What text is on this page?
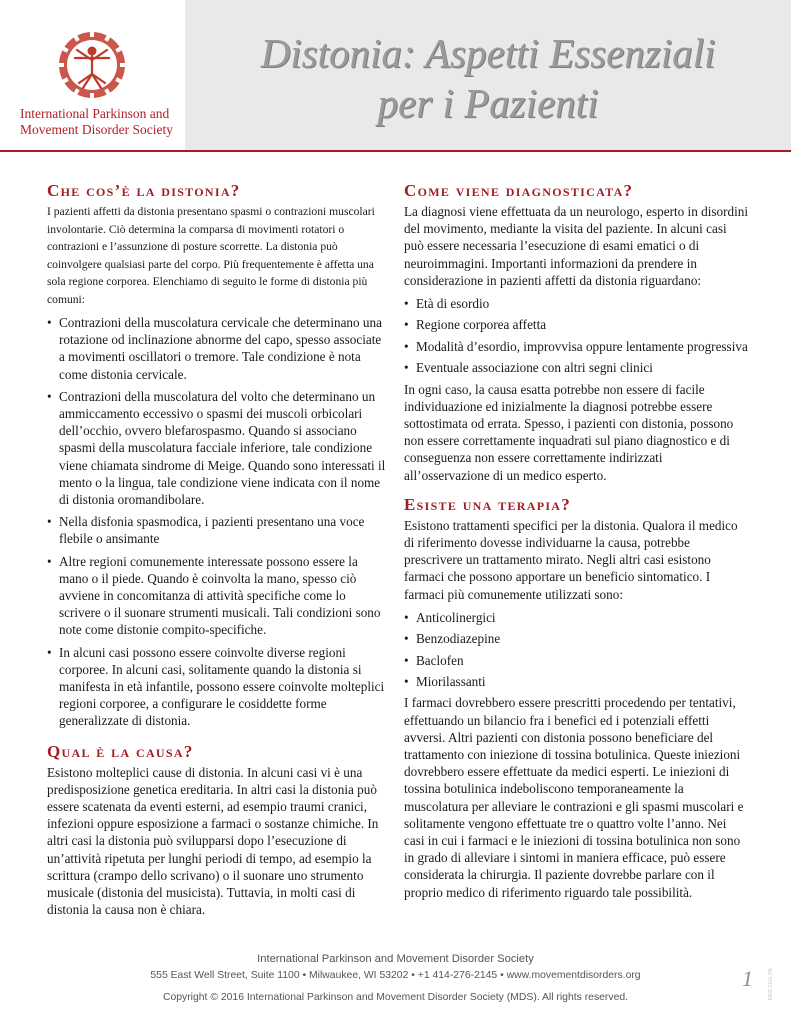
International Parkinson and
Movement Disorder Society
Distonia: Aspetti Essenziali
per i Pazienti
Che cos’è la distonia?

I pazienti affetti da distonia presentano spasmi o contrazioni muscolari involontarie. Ciò determina la comparsa di movimenti rotatori o contrazioni e l’assunzione di posture scorrette. La distonia può coinvolgere qualsiasi parte del corpo. Più frequentemente è affetta una sola regione corporea. Elenchiamo di seguito le forme di distonia più comuni:

• Contrazioni della muscolatura cervicale che determinano una rotazione od inclinazione abnorme del capo, spesso associate a movimenti oscillatori o tremore. Tale condizione è nota come distonia cervicale.
• Contrazioni della muscolatura del volto che determinano un ammiccamento eccessivo o spasmi dei muscoli orbicolari dell’occhio, ovvero blefarospasmo. Quando si associano spasmi della muscolatura facciale inferiore, tale condizione viene chiamata sindrome di Meige. Quando sono interessati il mento o la lingua, tale condizione viene indicata con il nome di distonia oromandibolare.
• Nella disfonia spasmodica, i pazienti presentano una voce flebile o ansimante
• Altre regioni comunemente interessate possono essere la mano o il piede. Quando è coinvolta la mano, spesso ciò avviene in concomitanza di attività specifiche come lo scrivere o il suonare strumenti musicali. Tali condizioni sono note come distonie compito-specifiche.
• In alcuni casi possono essere coinvolte diverse regioni corporee. In alcuni casi, solitamente quando la distonia si manifesta in età infantile, possono essere coinvolte molteplici regioni corporee, a configurare le cosiddette forme generalizzate di distonia.
Qual è la causa?

Esistono molteplici cause di distonia. In alcuni casi vi è una predisposizione genetica ereditaria. In altri casi la distonia può essere scatenata da eventi esterni, ad esempio traumi cranici, infezioni oppure esposizione a farmaci o sostanze chimiche. In altri casi la distonia può svilupparsi dopo l’esecuzione di un’attività ripetuta per lunghi periodi di tempo, ad esempio la scrittura (crampo dello scrivano) o il suonare uno strumento musicale (distonia del musicista). Tuttavia, in molti casi di distonia la causa non è chiara.

Come viene diagnosticata?

La diagnosi viene effettuata da un neurologo, esperto in disordini del movimento, mediante la visita del paziente. In alcuni casi può essere necessaria l’esecuzione di esami ematici o di neuroimmagini. Importanti informazioni da prendere in considerazione in pazienti affetti da distonia riguardano:

• Età di esordio
• Regione corporea affetta
• Modalità d’esordio, improvvisa oppure lentamente progressiva
• Eventuale associazione con altri segni clinici

In ogni caso, la causa esatta potrebbe non essere di facile individuazione ed inizialmente la diagnosi potrebbe essere sottostimata od errata. Spesso, i pazienti con distonia, possono non essere correttamente inquadrati sul piano diagnostico e di conseguenza non essere correttamente indirizzati all’osservazione di un medico esperto.

Esiste una terapia?

Esistono trattamenti specifici per la distonia. Qualora il medico di riferimento dovesse individuarne la causa, potrebbe prescrivere un trattamento mirato. Negli altri casi esistono farmaci che possono apportare un beneficio sintomatico. I farmaci più comunemente utilizzati sono:

• Anticolinergici
• Benzodiazepine
• Baclofen
• Miorilassanti

I farmaci dovrebbero essere prescritti procedendo per tentativi, effettuando un bilancio fra i benefici ed i potenziali effetti avversi. Altri pazienti con distonia possono beneficiare del trattamento con iniezione di tossina botulinica. Queste iniezioni dovrebbero essere effettuate da medici esperti. Le iniezioni di tossina botulinica indeboliscono temporaneamente la muscolatura per alleviare le contrazioni e gli spasmi muscolari e solitamente vengono effettuate tre o quattro volte l’anno. Nei casi in cui i farmaci e le iniezioni di tossina botulinica non sono in grado di alleviare i sintomi in maniera efficace, può essere considerata la chirurgia. Il paziente dovrebbe parlare con il proprio medico di riferimento riguardo tale possibilità.

International Parkinson and Movement Disorder Society
555 East Well Street, Suite 1100 • Milwaukee, WI 53202 • +1 414-276-2145 • www.movementdisorders.org
Copyright © 2016 International Parkinson and Movement Disorder Society (MDS). All rights reserved.
1	MDS-1116-ITA
